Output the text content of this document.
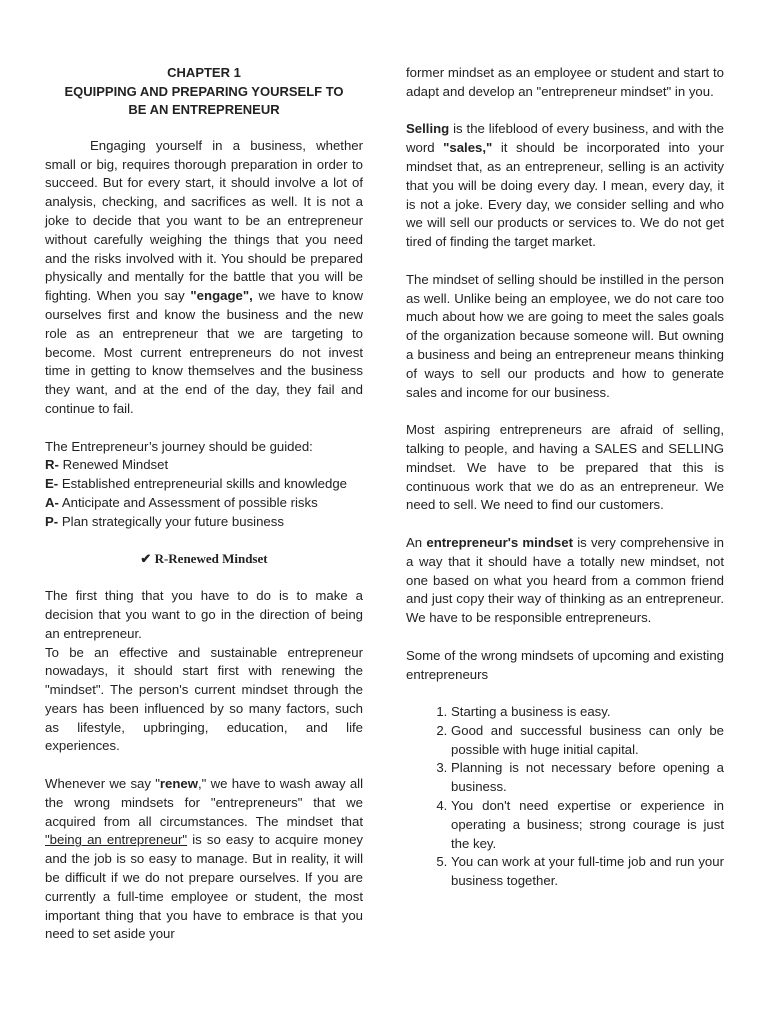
CHAPTER 1
EQUIPPING AND PREPARING YOURSELF TO
BE AN ENTREPRENEUR

Engaging yourself in a business, whether small or big, requires thorough preparation in order to succeed. But for every start, it should involve a lot of analysis, checking, and sacrifices as well. It is not a joke to decide that you want to be an entrepreneur without carefully weighing the things that you need and the risks involved with it. You should be prepared physically and mentally for the battle that you will be fighting. When you say "engage", we have to know ourselves first and know the business and the new role as an entrepreneur that we are targeting to become. Most current entrepreneurs do not invest time in getting to know themselves and the business they want, and at the end of the day, they fail and continue to fail.

The Entrepreneur’s journey should be guided:
R- Renewed Mindset
E- Established entrepreneurial skills and knowledge
A- Anticipate and Assessment of possible risks
P- Plan strategically your future business
✔ R-Renewed Mindset

The first thing that you have to do is to make a decision that you want to go in the direction of being an entrepreneur.

To be an effective and sustainable entrepreneur nowadays, it should start first with renewing the "mindset". The person's current mindset through the years has been influenced by so many factors, such as lifestyle, upbringing, education, and life experiences.

Whenever we say "renew," we have to wash away all the wrong mindsets for "entrepreneurs" that we acquired from all circumstances. The mindset that "being an entrepreneur" is so easy to acquire money and the job is so easy to manage. But in reality, it will be difficult if we do not prepare ourselves. If you are currently a full-time employee or student, the most important thing that you have to embrace is that you need to set aside your

former mindset as an employee or student and start to adapt and develop an "entrepreneur mindset" in you.

Selling is the lifeblood of every business, and with the word "sales," it should be incorporated into your mindset that, as an entrepreneur, selling is an activity that you will be doing every day. I mean, every day, it is not a joke. Every day, we consider selling and who we will sell our products or services to. We do not get tired of finding the target market.

The mindset of selling should be instilled in the person as well. Unlike being an employee, we do not care too much about how we are going to meet the sales goals of the organization because someone will. But owning a business and being an entrepreneur means thinking of ways to sell our products and how to generate sales and income for our business.

Most aspiring entrepreneurs are afraid of selling, talking to people, and having a SALES and SELLING mindset. We have to be prepared that this is continuous work that we do as an entrepreneur. We need to sell. We need to find our customers.

An entrepreneur's mindset is very comprehensive in a way that it should have a totally new mindset, not one based on what you heard from a common friend and just copy their way of thinking as an entrepreneur. We have to be responsible entrepreneurs.

Some of the wrong mindsets of upcoming and existing entrepreneurs

1. Starting a business is easy.
2. Good and successful business can only be possible with huge initial capital.
3. Planning is not necessary before opening a business.
4. You don't need expertise or experience in operating a business; strong courage is just the key.
5. You can work at your full-time job and run your business together.
